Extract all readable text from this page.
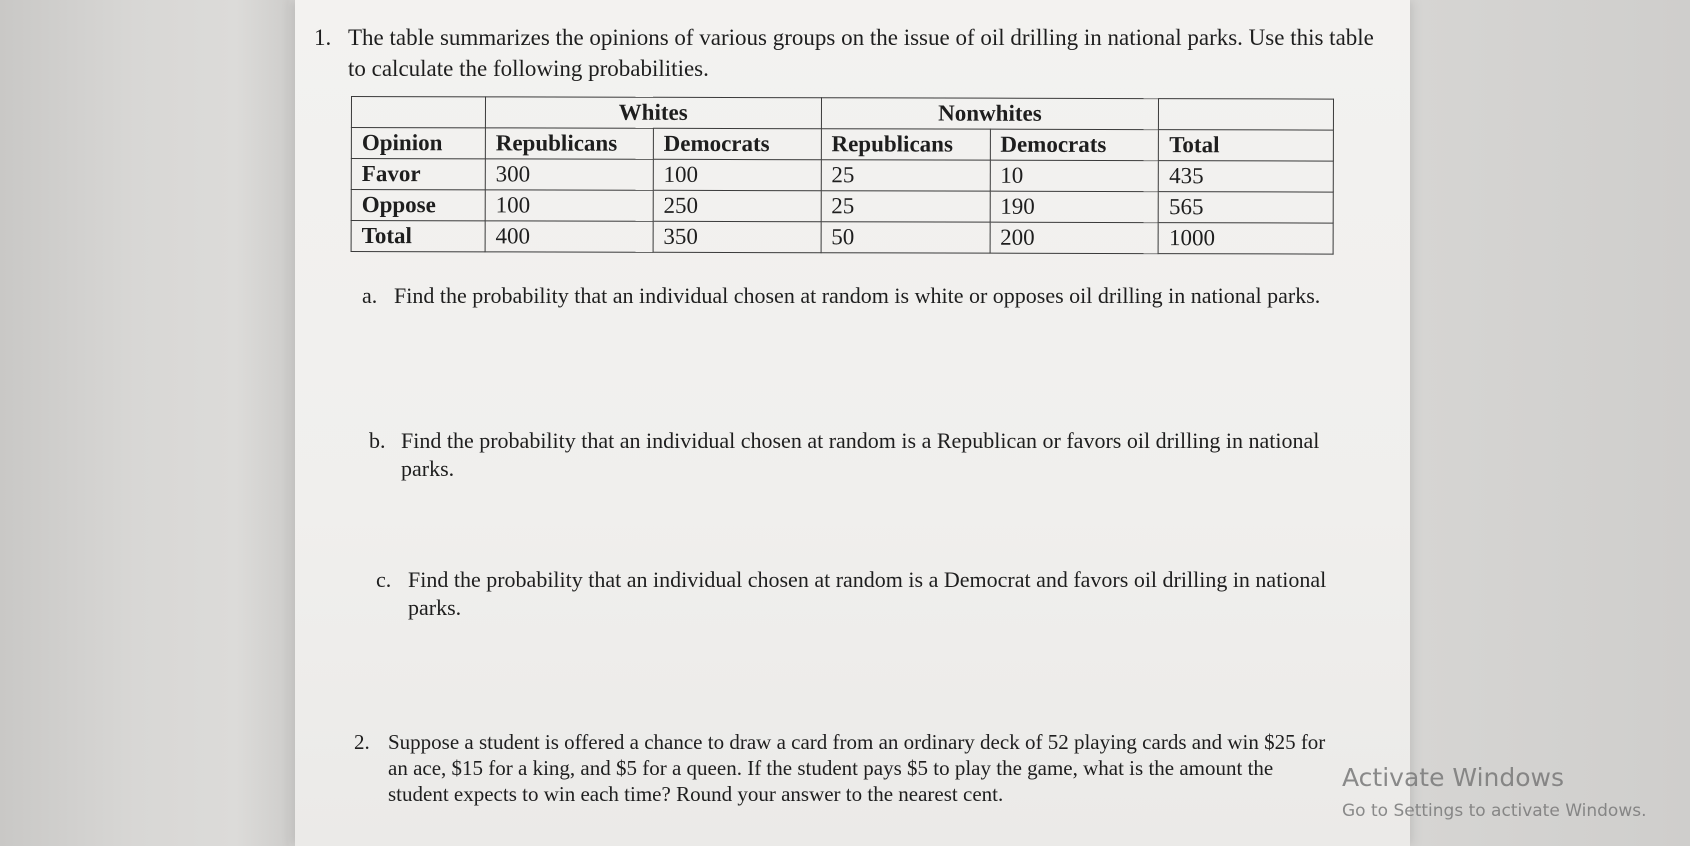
1. The table summarizes the opinions of various groups on the issue of oil drilling in national parks. Use this table to calculate the following probabilities.
	Whites		Nonwhites		
Opinion	Republicans	Democrats	Republicans	Democrats	Total
Favor	300	100	25	10	435
Oppose	100	250	25	190	565
Total	400	350	50	200	1000
a. Find the probability that an individual chosen at random is white or opposes oil drilling in national parks.
b. Find the probability that an individual chosen at random is a Republican or favors oil drilling in national parks.
c. Find the probability that an individual chosen at random is a Democrat and favors oil drilling in national parks.
2. Suppose a student is offered a chance to draw a card from an ordinary deck of 52 playing cards and win $25 for an ace, $15 for a king, and $5 for a queen. If the student pays $5 to play the game, what is the amount the student expects to win each time? Round your answer to the nearest cent.
Activate Windows
Go to Settings to activate Windows.
